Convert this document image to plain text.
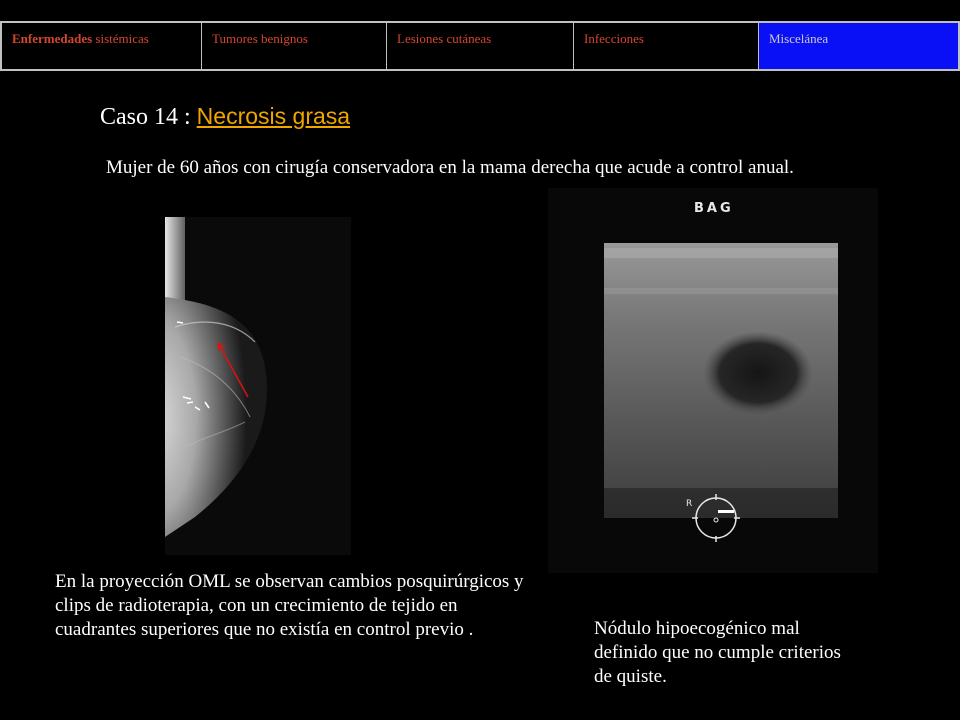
Enfermedades sistémicas	Tumores benignos	Lesiones cutáneas	Infecciones	Miscelánea
Caso 14 : Necrosis grasa
Mujer de 60 años con cirugía conservadora en la mama derecha que acude a control anual.
BAG
R
En la proyección OML se observan cambios posquirúrgicos y clips de radioterapia, con un crecimiento de tejido en cuadrantes superiores que no existía en control previo .	Nódulo hipoecogénico mal definido que no cumple criterios de quiste.
